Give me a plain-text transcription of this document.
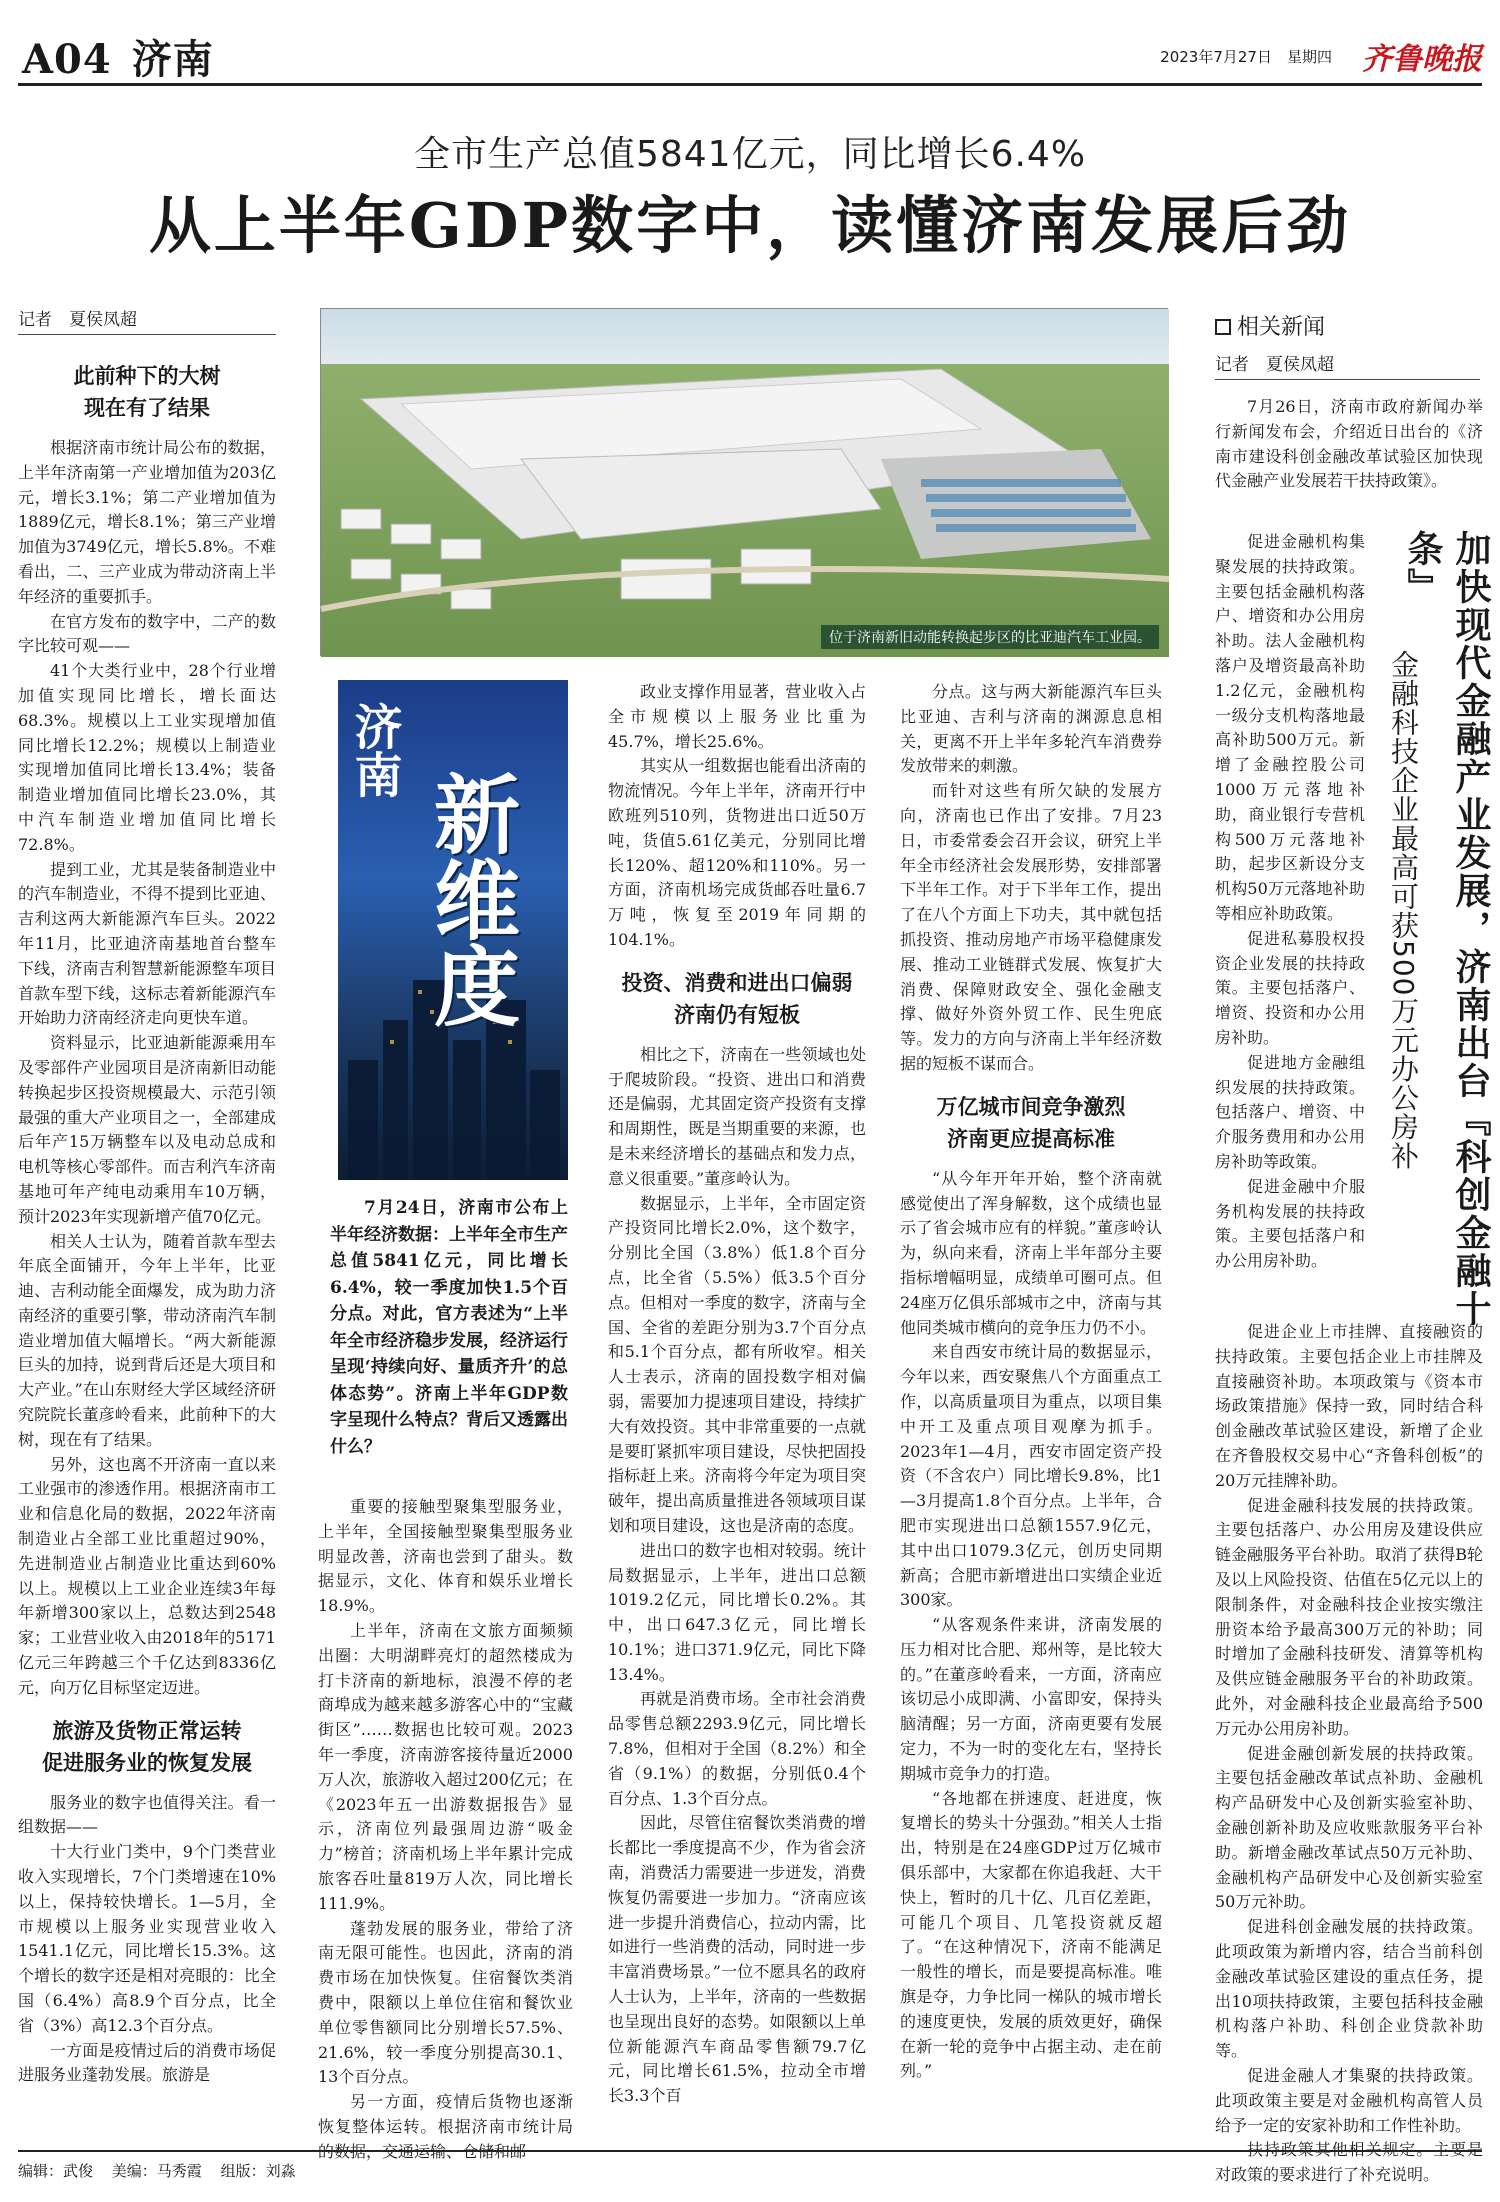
A04 济南	2023年7月27日　 星期四 齐鲁晚报
全市生产总值5841亿元，同比增长6.4%
从上半年GDP数字中，读懂济南发展后劲
记者　夏侯凤超
此前种下的大树
现在有了结果

根据济南市统计局公布的数据，上半年济南第一产业增加值为203亿元，增长3.1%；第二产业增加值为1889亿元，增长8.1%；第三产业增加值为3749亿元，增长5.8%。不难看出，二、三产业成为带动济南上半年经济的重要抓手。

在官方发布的数字中，二产的数字比较可观——

41个大类行业中，28个行业增加值实现同比增长，增长面达68.3%。规模以上工业实现增加值同比增长12.2%；规模以上制造业实现增加值同比增长13.4%；装备制造业增加值同比增长23.0%，其中汽车制造业增加值同比增长72.8%。

提到工业，尤其是装备制造业中的汽车制造业，不得不提到比亚迪、吉利这两大新能源汽车巨头。2022年11月，比亚迪济南基地首台整车下线，济南吉利智慧新能源整车项目首款车型下线，这标志着新能源汽车开始助力济南经济走向更快车道。

资料显示，比亚迪新能源乘用车及零部件产业园项目是济南新旧动能转换起步区投资规模最大、示范引领最强的重大产业项目之一，全部建成后年产15万辆整车以及电动总成和电机等核心零部件。而吉利汽车济南基地可年产纯电动乘用车10万辆，预计2023年实现新增产值70亿元。

相关人士认为，随着首款车型去年底全面铺开，今年上半年，比亚迪、吉利动能全面爆发，成为助力济南经济的重要引擎，带动济南汽车制造业增加值大幅增长。“两大新能源巨头的加持，说到背后还是大项目和大产业。”在山东财经大学区域经济研究院院长董彦岭看来，此前种下的大树，现在有了结果。

另外，这也离不开济南一直以来工业强市的渗透作用。根据济南市工业和信息化局的数据，2022年济南制造业占全部工业比重超过90%，先进制造业占制造业比重达到60%以上。规模以上工业企业连续3年每年新增300家以上，总数达到2548家；工业营业收入由2018年的5171亿元三年跨越三个千亿达到8336亿元，向万亿目标坚定迈进。

旅游及货物正常运转
促进服务业的恢复发展

服务业的数字也值得关注。看一组数据——

十大行业门类中，9个门类营业收入实现增长，7个门类增速在10%以上，保持较快增长。1—5月，全市规模以上服务业实现营业收入1541.1亿元，同比增长15.3%。这个增长的数字还是相对亮眼的：比全国（6.4%）高8.9个百分点，比全省（3%）高12.3个百分点。

一方面是疫情过后的消费市场促进服务业蓬勃发展。旅游是

位于济南新旧动能转换起步区的比亚迪汽车工业园。
济南
新维度

7月24日，济南市公布上半年经济数据：上半年全市生产总值5841亿元，同比增长6.4%，较一季度加快1.5个百分点。对此，官方表述为“上半年全市经济稳步发展，经济运行呈现‘持续向好、量质齐升’的总体态势”。济南上半年GDP数字呈现什么特点？背后又透露出什么？

重要的接触型聚集型服务业，上半年，全国接触型聚集型服务业明显改善，济南也尝到了甜头。数据显示，文化、体育和娱乐业增长18.9%。

上半年，济南在文旅方面频频出圈：大明湖畔亮灯的超然楼成为打卡济南的新地标，浪漫不停的老商埠成为越来越多游客心中的“宝藏街区”……数据也比较可观。2023年一季度，济南游客接待量近2000万人次，旅游收入超过200亿元；在《2023年五一出游数据报告》显示，济南位列最强周边游“吸金力”榜首；济南机场上半年累计完成旅客吞吐量819万人次，同比增长111.9%。

蓬勃发展的服务业，带给了济南无限可能性。也因此，济南的消费市场在加快恢复。住宿餐饮类消费中，限额以上单位住宿和餐饮业单位零售额同比分别增长57.5%、21.6%，较一季度分别提高30.1、13个百分点。

另一方面，疫情后货物也逐渐恢复整体运转。根据济南市统计局的数据，交通运输、仓储和邮

政业支撑作用显著，营业收入占全市规模以上服务业比重为45.7%，增长25.6%。

其实从一组数据也能看出济南的物流情况。今年上半年，济南开行中欧班列510列，货物进出口近50万吨，货值5.61亿美元，分别同比增长120%、超120%和110%。另一方面，济南机场完成货邮吞吐量6.7万吨，恢复至2019年同期的104.1%。

投资、消费和进出口偏弱
济南仍有短板

相比之下，济南在一些领域也处于爬坡阶段。“投资、进出口和消费还是偏弱，尤其固定资产投资有支撑和周期性，既是当期重要的来源，也是未来经济增长的基础点和发力点，意义很重要。”董彦岭认为。

数据显示，上半年，全市固定资产投资同比增长2.0%，这个数字，分别比全国（3.8%）低1.8个百分点，比全省（5.5%）低3.5个百分点。但相对一季度的数字，济南与全国、全省的差距分别为3.7个百分点和5.1个百分点，都有所收窄。相关人士表示，济南的固投数字相对偏弱，需要加力提速项目建设，持续扩大有效投资。其中非常重要的一点就是要盯紧抓牢项目建设，尽快把固投指标赶上来。济南将今年定为项目突破年，提出高质量推进各领域项目谋划和项目建设，这也是济南的态度。

进出口的数字也相对较弱。统计局数据显示，上半年，进出口总额1019.2亿元，同比增长0.2%。其中，出口647.3亿元，同比增长10.1%；进口371.9亿元，同比下降13.4%。

再就是消费市场。全市社会消费品零售总额2293.9亿元，同比增长7.8%，但相对于全国（8.2%）和全省（9.1%）的数据，分别低0.4个百分点、1.3个百分点。

因此，尽管住宿餐饮类消费的增长都比一季度提高不少，作为省会济南，消费活力需要进一步迸发，消费恢复仍需要进一步加力。“济南应该进一步提升消费信心，拉动内需，比如进行一些消费的活动，同时进一步丰富消费场景。”一位不愿具名的政府人士认为，上半年，济南的一些数据也呈现出良好的态势。如限额以上单位新能源汽车商品零售额79.7亿元，同比增长61.5%，拉动全市增长3.3个百

分点。这与两大新能源汽车巨头比亚迪、吉利与济南的渊源息息相关，更离不开上半年多轮汽车消费券发放带来的刺激。

而针对这些有所欠缺的发展方向，济南也已作出了安排。7月23日，市委常委会召开会议，研究上半年全市经济社会发展形势，安排部署下半年工作。对于下半年工作，提出了在八个方面上下功夫，其中就包括抓投资、推动房地产市场平稳健康发展、推动工业链群式发展、恢复扩大消费、保障财政安全、强化金融支撑、做好外资外贸工作、民生兜底等。发力的方向与济南上半年经济数据的短板不谋而合。

万亿城市间竞争激烈
济南更应提高标准

“从今年开年开始，整个济南就感觉使出了浑身解数，这个成绩也显示了省会城市应有的样貌。”董彦岭认为，纵向来看，济南上半年部分主要指标增幅明显，成绩单可圈可点。但24座万亿俱乐部城市之中，济南与其他同类城市横向的竞争压力仍不小。

来自西安市统计局的数据显示，今年以来，西安聚焦八个方面重点工作，以高质量项目为重点，以项目集中开工及重点项目观摩为抓手。2023年1—4月，西安市固定资产投资（不含农户）同比增长9.8%，比1—3月提高1.8个百分点。上半年，合肥市实现进出口总额1557.9亿元，其中出口1079.3亿元，创历史同期新高；合肥市新增进出口实绩企业近300家。

“从客观条件来讲，济南发展的压力相对比合肥、郑州等，是比较大的。”在董彦岭看来，一方面，济南应该切忌小成即满、小富即安，保持头脑清醒；另一方面，济南更要有发展定力，不为一时的变化左右，坚持长期城市竞争力的打造。

“各地都在拼速度、赶进度，恢复增长的势头十分强劲。”相关人士指出，特别是在24座GDP过万亿城市俱乐部中，大家都在你追我赶、大干快上，暂时的几十亿、几百亿差距，可能几个项目、几笔投资就反超了。“在这种情况下，济南不能满足一般性的增长，而是要提高标准。唯旗是夺，力争比同一梯队的城市增长的速度更快，发展的质效更好，确保在新一轮的竞争中占据主动、走在前列。”

相关新闻
记者　夏侯凤超

7月26日，济南市政府新闻办举行新闻发布会，介绍近日出台的《济南市建设科创金融改革试验区加快现代金融产业发展若干扶持政策》。

加快现代金融产业发展，济南出台『科创金融十条』
金融科技企业最高可获500万元办公房补

促进金融机构集聚发展的扶持政策。主要包括金融机构落户、增资和办公用房补助。法人金融机构落户及增资最高补助1.2亿元，金融机构一级分支机构落地最高补助500万元。新增了金融控股公司1000万元落地补助，商业银行专营机构500万元落地补助，起步区新设分支机构50万元落地补助等相应补助政策。

促进私募股权投资企业发展的扶持政策。主要包括落户、增资、投资和办公用房补助。

促进地方金融组织发展的扶持政策。包括落户、增资、中介服务费用和办公用房补助等政策。

促进金融中介服务机构发展的扶持政策。主要包括落户和办公用房补助。

促进企业上市挂牌、直接融资的扶持政策。主要包括企业上市挂牌及直接融资补助。本项政策与《资本市场政策措施》保持一致，同时结合科创金融改革试验区建设，新增了企业在齐鲁股权交易中心“齐鲁科创板”的20万元挂牌补助。

促进金融科技发展的扶持政策。主要包括落户、办公用房及建设供应链金融服务平台补助。取消了获得B轮及以上风险投资、估值在5亿元以上的限制条件，对金融科技企业按实缴注册资本给予最高300万元的补助；同时增加了金融科技研发、清算等机构及供应链金融服务平台的补助政策。此外，对金融科技企业最高给予500万元办公用房补助。

促进金融创新发展的扶持政策。主要包括金融改革试点补助、金融机构产品研发中心及创新实验室补助、金融创新补助及应收账款服务平台补助。新增金融改革试点50万元补助、金融机构产品研发中心及创新实验室50万元补助。

促进科创金融发展的扶持政策。此项政策为新增内容，结合当前科创金融改革试验区建设的重点任务，提出10项扶持政策，主要包括科技金融机构落户补助、科创企业贷款补助等。

促进金融人才集聚的扶持政策。此项政策主要是对金融机构高管人员给予一定的安家补助和工作性补助。

扶持政策其他相关规定。主要是对政策的要求进行了补充说明。

编辑：武俊 美编：马秀霞 组版：刘淼
